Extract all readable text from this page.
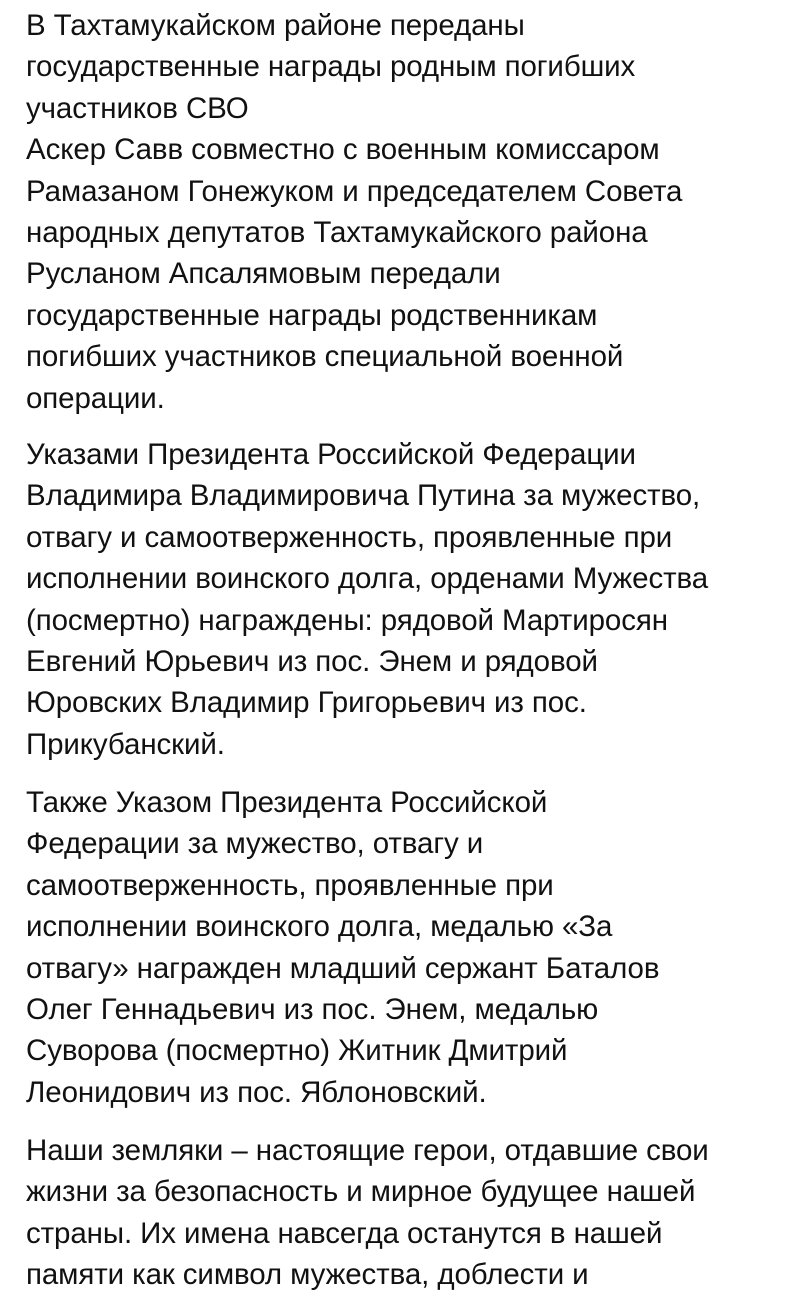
В Тахтамукайском районе переданы
государственные награды родным погибших
участников СВО
Аскер Савв совместно с военным комиссаром
Рамазаном Гонежуком и председателем Совета
народных депутатов Тахтамукайского района
Русланом Апсалямовым передали
государственные награды родственникам
погибших участников специальной военной
операции.
Указами Президента Российской Федерации
Владимира Владимировича Путина за мужество,
отвагу и самоотверженность, проявленные при
исполнении воинского долга, орденами Мужества
(посмертно) награждены: рядовой Мартиросян
Евгений Юрьевич из пос. Энем и рядовой
Юровских Владимир Григорьевич из пос.
Прикубанский.
Также Указом Президента Российской
Федерации за мужество, отвагу и
самоотверженность, проявленные при
исполнении воинского долга, медалью «За
отвагу» награжден младший сержант Баталов
Олег Геннадьевич из пос. Энем, медалью
Суворова (посмертно) Житник Дмитрий
Леонидович из пос. Яблоновский.
Наши земляки – настоящие герои, отдавшие свои
жизни за безопасность и мирное будущее нашей
страны. Их имена навсегда останутся в нашей
памяти как символ мужества, доблести и
